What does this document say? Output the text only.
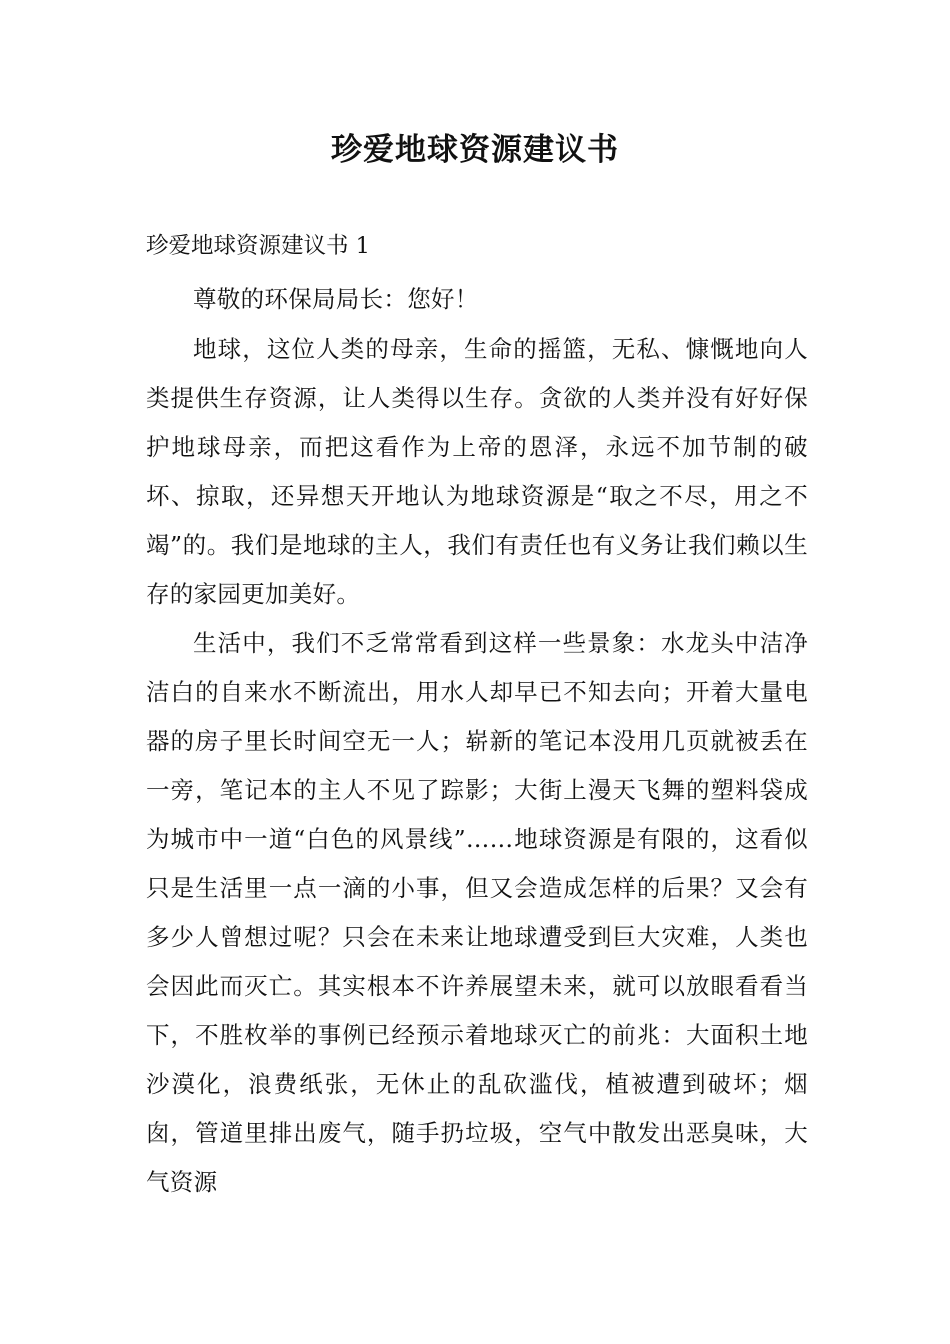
珍爱地球资源建议书

珍爱地球资源建议书 1

尊敬的环保局局长：您好！

地球，这位人类的母亲，生命的摇篮，无私、慷慨地向人类提供生存资源，让人类得以生存。贪欲的人类并没有好好保护地球母亲，而把这看作为上帝的恩泽，永远不加节制的破坏、掠取，还异想天开地认为地球资源是“取之不尽，用之不竭”的。我们是地球的主人，我们有责任也有义务让我们赖以生存的家园更加美好。

生活中，我们不乏常常看到这样一些景象：水龙头中洁净洁白的自来水不断流出，用水人却早已不知去向；开着大量电器的房子里长时间空无一人；崭新的笔记本没用几页就被丢在一旁，笔记本的主人不见了踪影；大街上漫天飞舞的塑料袋成为城市中一道“白色的风景线”……地球资源是有限的，这看似只是生活里一点一滴的小事，但又会造成怎样的后果？又会有多少人曾想过呢？只会在未来让地球遭受到巨大灾难，人类也会因此而灭亡。其实根本不许养展望未来，就可以放眼看看当下，不胜枚举的事例已经预示着地球灭亡的前兆：大面积土地沙漠化，浪费纸张，无休止的乱砍滥伐，植被遭到破坏；烟囱，管道里排出废气，随手扔垃圾，空气中散发出恶臭味，大气资源
